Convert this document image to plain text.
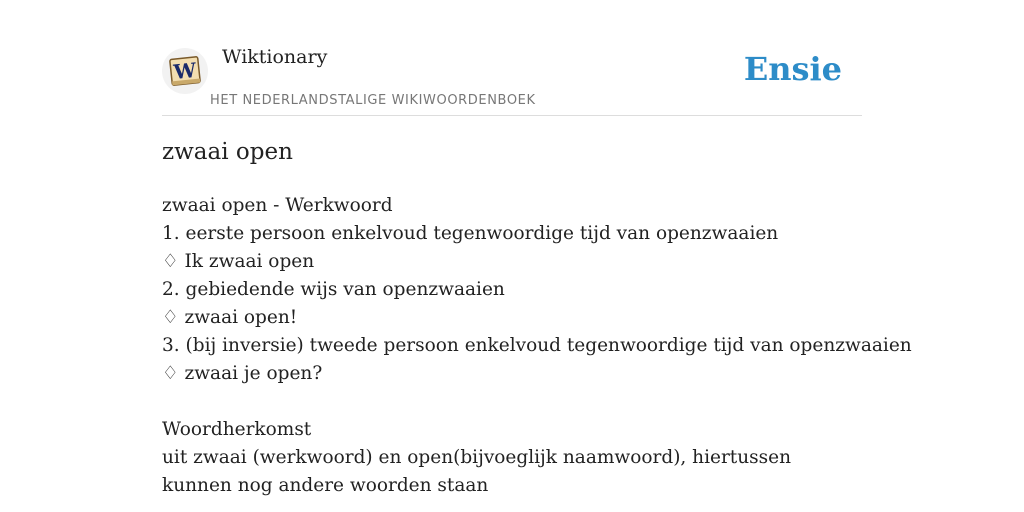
W
Wiktionary
HET NEDERLANDSTALIGE WIKIWOORDENBOEK
Ensie
zwaai open
zwaai open - Werkwoord
1. eerste persoon enkelvoud tegenwoordige tijd van openzwaaien
♢ Ik zwaai open
2. gebiedende wijs van openzwaaien
♢ zwaai open!
3. (bij inversie) tweede persoon enkelvoud tegenwoordige tijd van openzwaaien
♢ zwaai je open?
Woordherkomst
uit zwaai (werkwoord) en open(bijvoeglijk naamwoord), hiertussen kunnen nog andere woorden staan
